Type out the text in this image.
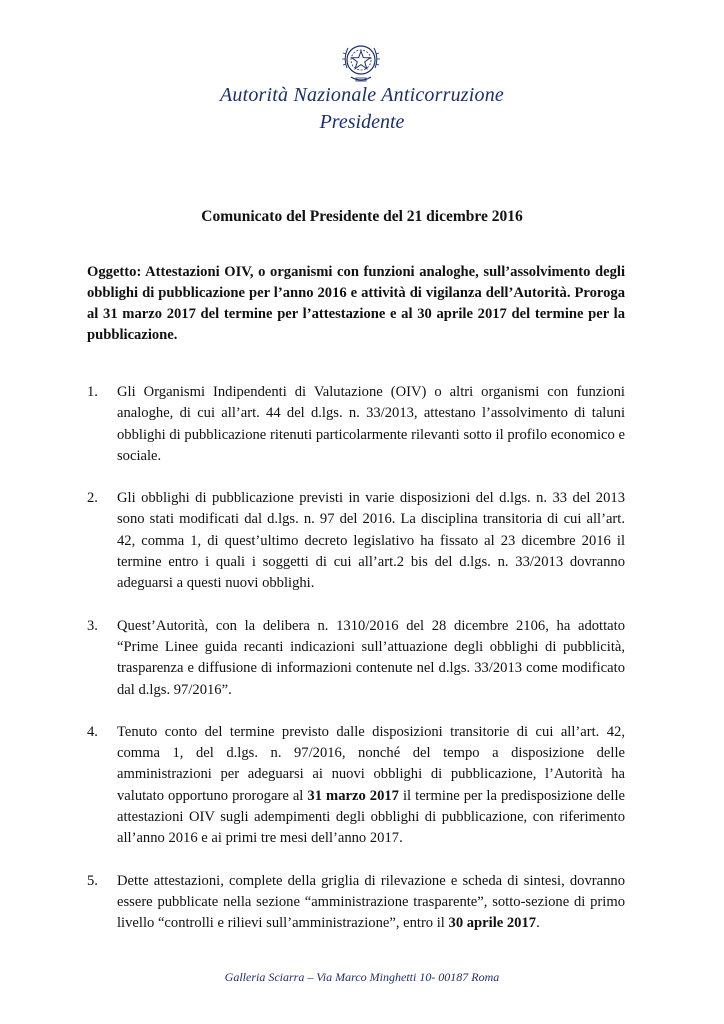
Autorità Nazionale Anticorruzione
Presidente
Comunicato del Presidente del 21 dicembre 2016
Oggetto: Attestazioni OIV, o organismi con funzioni analoghe, sull’assolvimento degli obblighi di pubblicazione per l’anno 2016 e attività di vigilanza dell’Autorità. Proroga al 31 marzo 2017 del termine per l’attestazione e al 30 aprile 2017 del termine per la pubblicazione.
1. Gli Organismi Indipendenti di Valutazione (OIV) o altri organismi con funzioni analoghe, di cui all’art. 44 del d.lgs. n. 33/2013, attestano l’assolvimento di taluni obblighi di pubblicazione ritenuti particolarmente rilevanti sotto il profilo economico e sociale.
2. Gli obblighi di pubblicazione previsti in varie disposizioni del d.lgs. n. 33 del 2013 sono stati modificati dal d.lgs. n. 97 del 2016. La disciplina transitoria di cui all’art. 42, comma 1, di quest’ultimo decreto legislativo ha fissato al 23 dicembre 2016 il termine entro i quali i soggetti di cui all’art.2 bis del d.lgs. n. 33/2013 dovranno adeguarsi a questi nuovi obblighi.
3. Quest’Autorità, con la delibera n. 1310/2016 del 28 dicembre 2106, ha adottato “Prime Linee guida recanti indicazioni sull’attuazione degli obblighi di pubblicità, trasparenza e diffusione di informazioni contenute nel d.lgs. 33/2013 come modificato dal d.lgs. 97/2016”.
4. Tenuto conto del termine previsto dalle disposizioni transitorie di cui all’art. 42, comma 1, del d.lgs. n. 97/2016, nonché del tempo a disposizione delle amministrazioni per adeguarsi ai nuovi obblighi di pubblicazione, l’Autorità ha valutato opportuno prorogare al 31 marzo 2017 il termine per la predisposizione delle attestazioni OIV sugli adempimenti degli obblighi di pubblicazione, con riferimento all’anno 2016 e ai primi tre mesi dell’anno 2017.
5. Dette attestazioni, complete della griglia di rilevazione e scheda di sintesi, dovranno essere pubblicate nella sezione “amministrazione trasparente”, sotto-sezione di primo livello “controlli e rilievi sull’amministrazione”, entro il 30 aprile 2017.
Galleria Sciarra – Via Marco Minghetti 10- 00187 Roma
